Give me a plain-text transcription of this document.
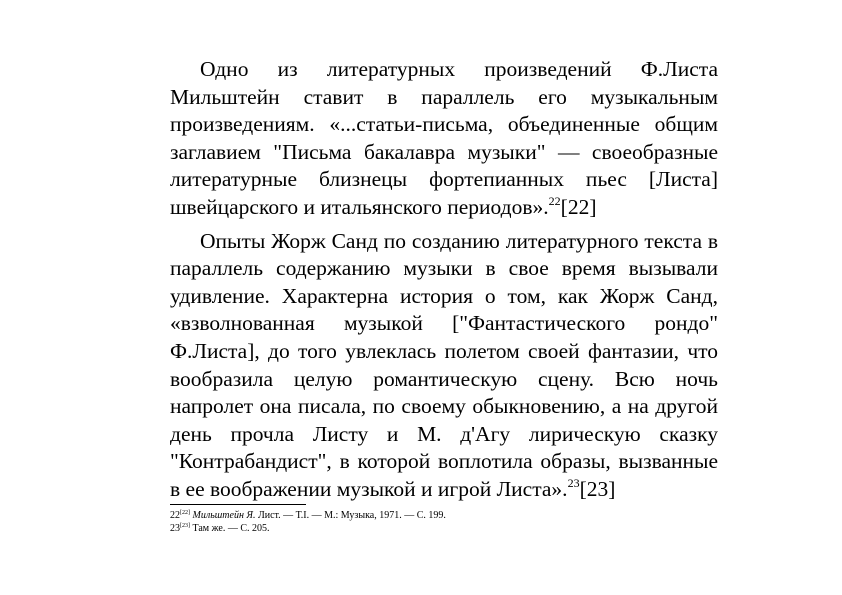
Одно из литературных произведений Ф.Листа Мильштейн ставит в параллель его музыкальным произведениям. «...статьи-письма, объединенные общим заглавием "Письма бакалавра музыки" — своеобразные литературные близнецы фортепианных пьес [Листа] швейцарского и итальянского периодов».$^{22}$[22]

Опыты Жорж Санд по созданию литературного текста в параллель содержанию музыки в свое время вызывали удивление. Характерна история о том, как Жорж Санд, «взволнованная музыкой ["Фантастического рондо" Ф.Листа], до того увлеклась полетом своей фантазии, что вообразила целую романтическую сцену. Всю ночь напролет она писала, по своему обыкновению, а на другой день прочла Листу и М. д'Агу лирическую сказку "Контрабандист", в которой воплотила образы, вызванные в ее воображении музыкой и игрой Листа».$^{23}$[23]

22[22] Мильштейн Я. Лист. — Т.I. — М.: Музыка, 1971. — С. 199.

23[23] Там же. — С. 205.
